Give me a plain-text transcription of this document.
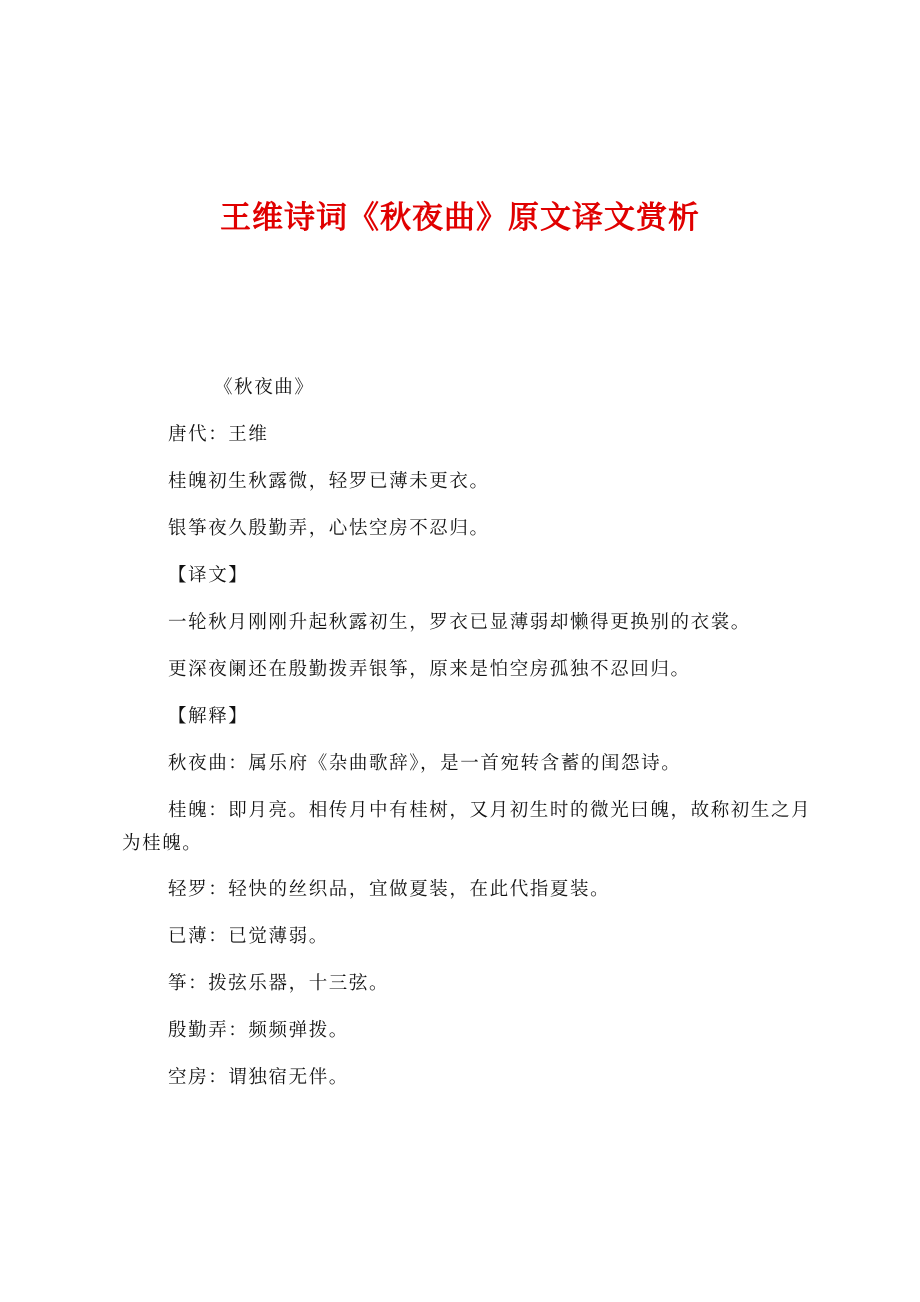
王维诗词《秋夜曲》原文译文赏析

《秋夜曲》

唐代：王维

桂魄初生秋露微，轻罗已薄未更衣。

银筝夜久殷勤弄，心怯空房不忍归。

【译文】

一轮秋月刚刚升起秋露初生，罗衣已显薄弱却懒得更换别的衣裳。

更深夜阑还在殷勤拨弄银筝，原来是怕空房孤独不忍回归。

【解释】

秋夜曲：属乐府《杂曲歌辞》，是一首宛转含蓄的闺怨诗。

桂魄：即月亮。相传月中有桂树，又月初生时的微光曰魄，故称初生之月为桂魄。

轻罗：轻快的丝织品，宜做夏装，在此代指夏装。

已薄：已觉薄弱。

筝：拨弦乐器，十三弦。

殷勤弄：频频弹拨。

空房：谓独宿无伴。
